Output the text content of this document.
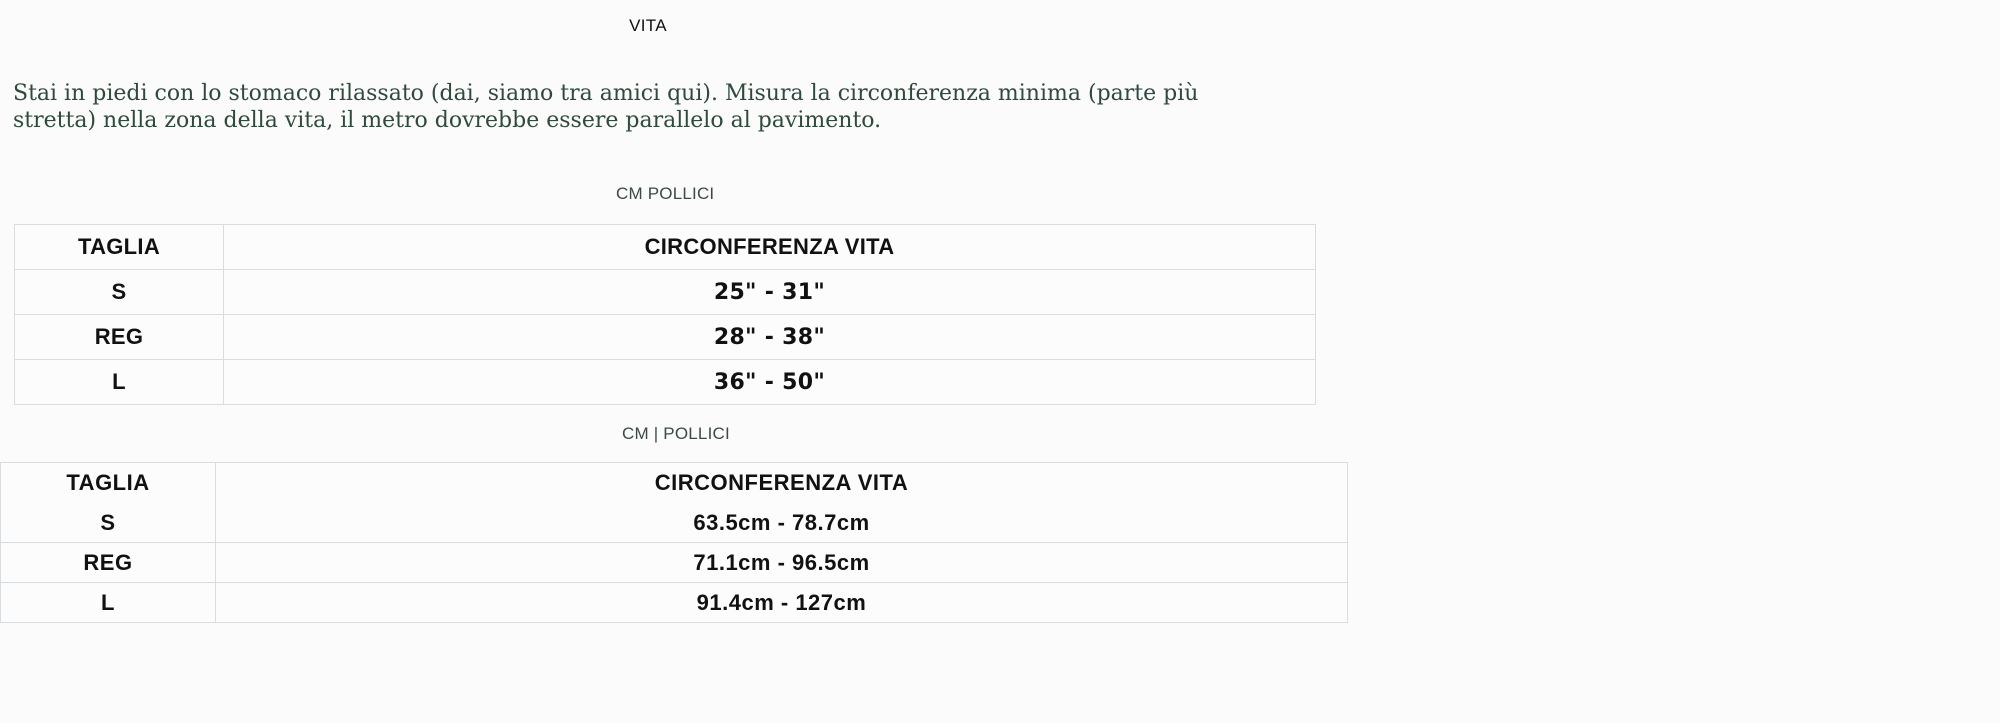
VITA
Stai in piedi con lo stomaco rilassato (dai, siamo tra amici qui). Misura la circonferenza minima (parte più stretta) nella zona della vita, il metro dovrebbe essere parallelo al pavimento.
CM POLLICI
TAGLIA	CIRCONFERENZA VITA
S	25" - 31"
REG	28" - 38"
L	36" - 50"
CM | POLLICI
TAGLIA	CIRCONFERENZA VITA
S	63.5cm - 78.7cm
REG	71.1cm - 96.5cm
L	91.4cm - 127cm
